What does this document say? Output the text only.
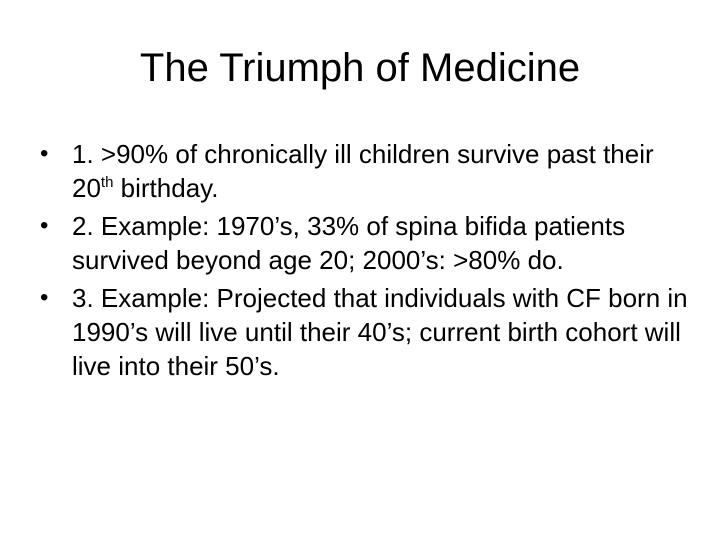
The Triumph of Medicine
• 1. >90% of chronically ill children survive past their 20th birthday.
• 2. Example: 1970’s, 33% of spina bifida patients survived beyond age 20; 2000’s: >80% do.
• 3. Example: Projected that individuals with CF born in 1990’s will live until their 40’s; current birth cohort will live into their 50’s.
